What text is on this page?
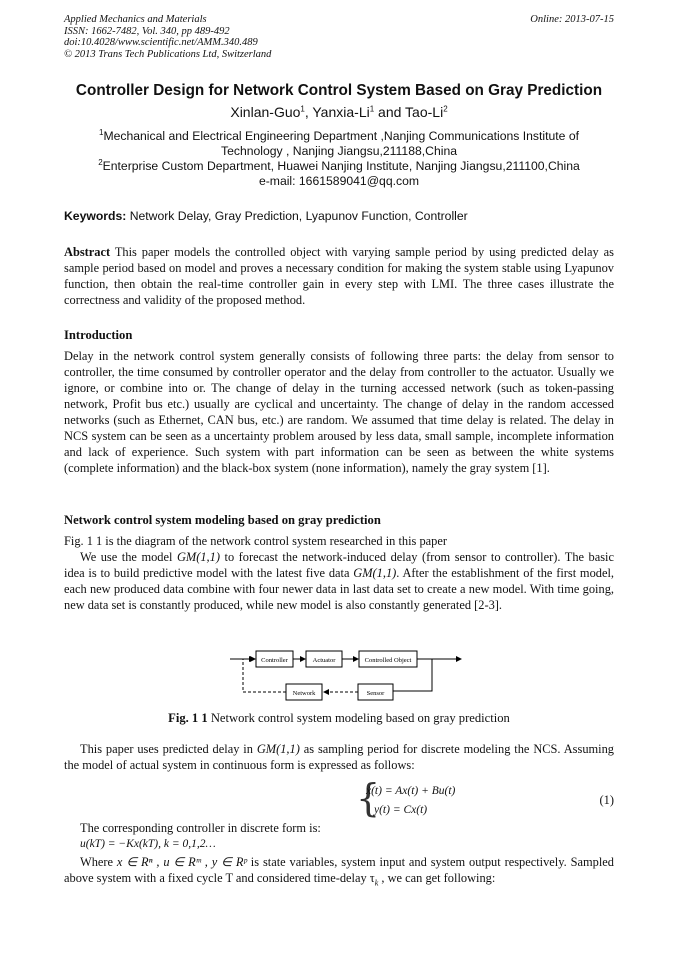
Applied Mechanics and Materials
ISSN: 1662-7482, Vol. 340, pp 489-492
doi:10.4028/www.scientific.net/AMM.340.489
© 2013 Trans Tech Publications Ltd, Switzerland
Online: 2013-07-15
Controller Design for Network Control System Based on Gray Prediction
Xinlan-Guo$^1$, Yanxia-Li$^1$ and Tao-Li$^2$
$^1$Mechanical and Electrical Engineering Department ,Nanjing Communications Institute of
Technology , Nanjing Jiangsu,211188,China
$^2$Enterprise Custom Department, Huawei Nanjing Institute, Nanjing Jiangsu,211100,China
e-mail: 1661589041@qq.com
Keywords: Network Delay, Gray Prediction, Lyapunov Function, Controller
Abstract This paper models the controlled object with varying sample period by using predicted delay as sample period based on model and proves a necessary condition for making the system stable using Lyapunov function, then obtain the real-time controller gain in every step with LMI. The three cases illustrate the correctness and validity of the proposed method.
Introduction
Delay in the network control system generally consists of following three parts: the delay from sensor to controller, the time consumed by controller operator and the delay from controller to the actuator. Usually we ignore, or combine into or. The change of delay in the turning accessed network (such as token-passing network, Profit bus etc.) usually are cyclical and uncertainty. The change of delay in the random accessed networks (such as Ethernet, CAN bus, etc.) are random. We assumed that time delay is related. The delay in NCS system can be seen as a uncertainty problem aroused by less data, small sample, incomplete information and lack of experience. Such system with part information can be seen as between the white systems (complete information) and the black-box system (none information), namely the gray system [1].
Network control system modeling based on gray prediction
Fig. 1 1 is the diagram of the network control system researched in this paper
We use the model GM(1,1) to forecast the network-induced delay (from sensor to controller). The basic idea is to build predictive model with the latest five data GM(1,1). After the establishment of the first model, each new produced data combine with four newer data in last data set to create a new model. With time going, new data set is constantly produced, while new model is also constantly generated [2-3].
Controller	Actuator	Controlled Object
Sensor
Network
Fig. 1 1 Network control system modeling based on gray prediction
This paper uses predicted delay in GM(1,1) as sampling period for discrete modeling the NCS. Assuming the model of actual system in continuous form is expressed as follows:
{
ẋ(t) = Ax(t) + Bu(t)
y(t) = Cx(t)
(1)
The corresponding controller in discrete form is:
u(kT) = −Kx(kT), k = 0,1,2…
Where x ∈ Rⁿ , u ∈ Rᵐ , y ∈ Rᵖ is state variables, system input and system output respectively. Sampled above system with a fixed cycle T and considered time-delay $\tau_k$ , we can get following:
